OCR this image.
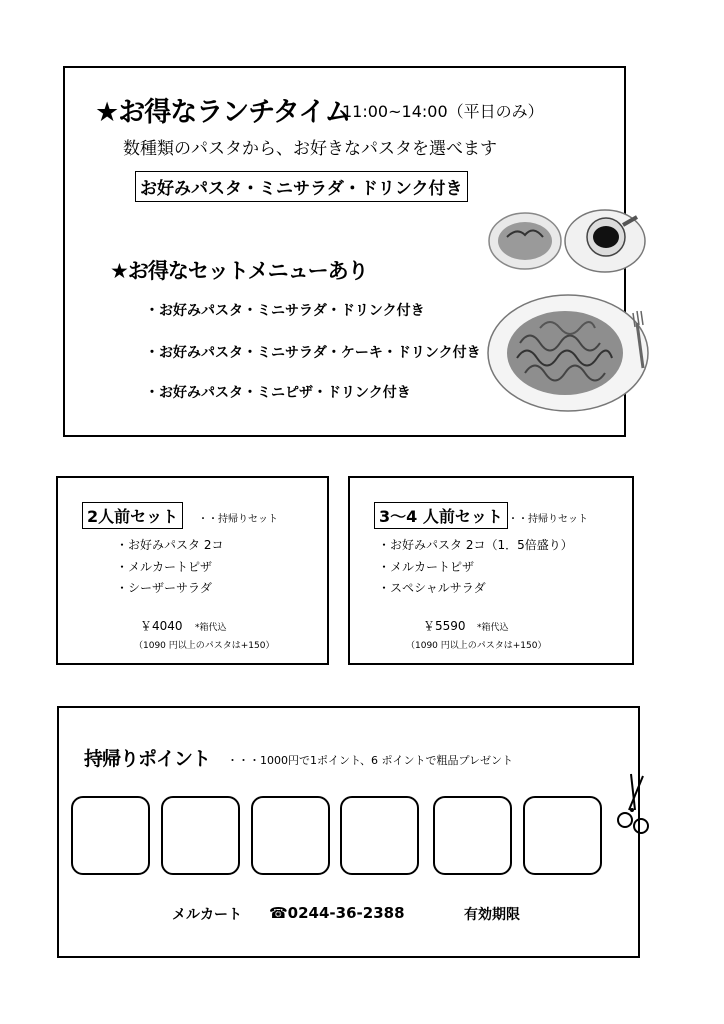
★お得なランチタイム
11:00~14:00（平日のみ）
数種類のパスタから、お好きなパスタを選べます
お好みパスタ・ミニサラダ・ドリンク付き
★お得なセットメニューあり
・お好みパスタ・ミニサラダ・ドリンク付き
・お好みパスタ・ミニサラダ・ケーキ・ドリンク付き
・お好みパスタ・ミニピザ・ドリンク付き
2人前セット	・・持帰りセット
・お好みパスタ 2コ
・メルカートピザ
・シーザーサラダ
￥4040 *箱代込
（1090 円以上のパスタは+150）
3～4 人前セット ・・持帰りセット
・お好みパスタ 2コ（1．5倍盛り）
・メルカートピザ
・スペシャルサラダ
￥5590 *箱代込
（1090 円以上のパスタは+150）
持帰りポイント ・・・1000円で1ポイント、6 ポイントで粗品プレゼント
メルカート ☎0244-36-2388	有効期限
